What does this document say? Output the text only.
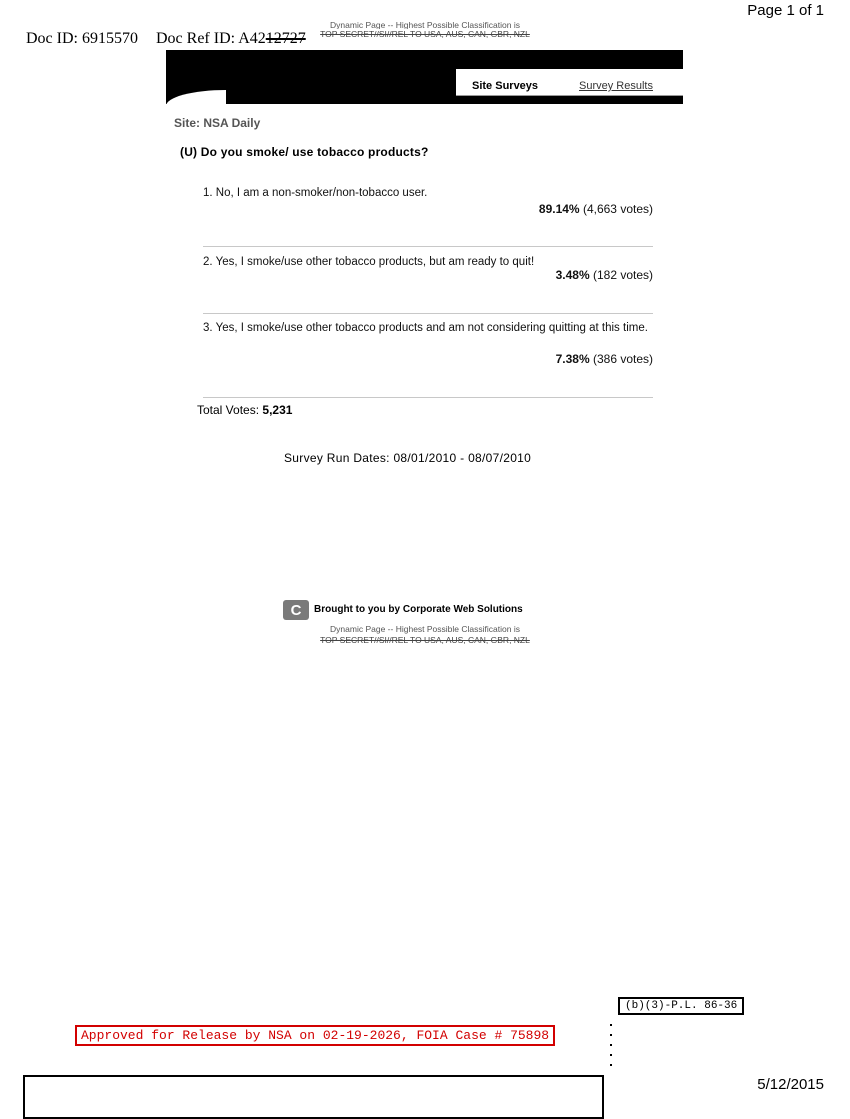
Page 1 of 1
Doc ID: 6915570 Doc Ref ID: A4212727
Dynamic Page -- Highest Possible Classification is
TOP SECRET//SI//REL TO USA, AUS, CAN, GBR, NZL
Site Surveys	Survey Results
Site: NSA Daily
(U) Do you smoke/ use tobacco products?
1. No, I am a non-smoker/non-tobacco user.
89.14% (4,663 votes)
2. Yes, I smoke/use other tobacco products, but am ready to quit!
3.48% (182 votes)
3. Yes, I smoke/use other tobacco products and am not considering quitting at this time.
7.38% (386 votes)
Total Votes: 5,231
Survey Run Dates: 08/01/2010 - 08/07/2010
C	Brought to you by Corporate Web Solutions
Dynamic Page -- Highest Possible Classification is
TOP SECRET//SI//REL TO USA, AUS, CAN, GBR, NZL
(b)(3)-P.L. 86-36
Approved for Release by NSA on 02-19-2026, FOIA Case # 75898
5/12/2015
